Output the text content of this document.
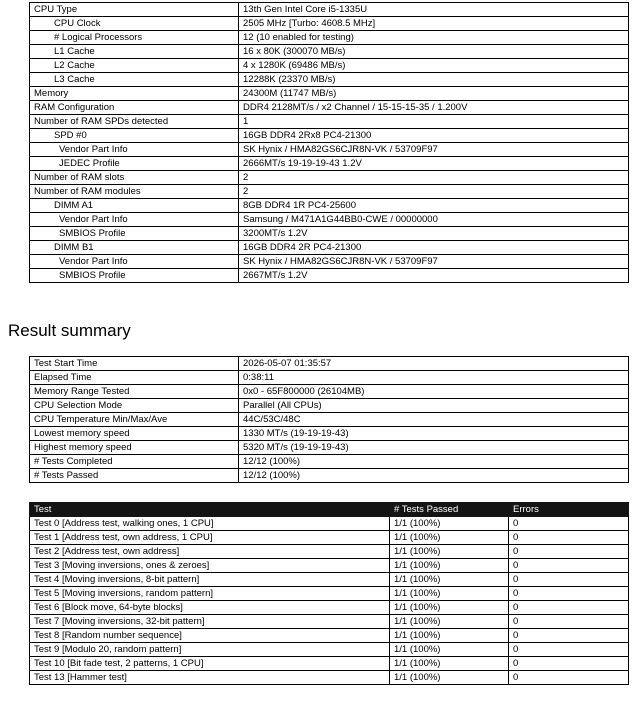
CPU Type	13th Gen Intel Core i5-1335U
CPU Clock	2505 MHz [Turbo: 4608.5 MHz]
# Logical Processors	12 (10 enabled for testing)
L1 Cache	16 x 80K (300070 MB/s)
L2 Cache	4 x 1280K (69486 MB/s)
L3 Cache	12288K (23370 MB/s)
Memory	24300M (11747 MB/s)
RAM Configuration	DDR4 2128MT/s / x2 Channel / 15-15-15-35 / 1.200V
Number of RAM SPDs detected	1
SPD #0	16GB DDR4 2Rx8 PC4-21300
Vendor Part Info	SK Hynix / HMA82GS6CJR8N-VK / 53709F97
JEDEC Profile	2666MT/s 19-19-19-43 1.2V
Number of RAM slots	2
Number of RAM modules	2
DIMM A1	8GB DDR4 1R PC4-25600
Vendor Part Info	Samsung / M471A1G44BB0-CWE / 00000000
SMBIOS Profile	3200MT/s 1.2V
DIMM B1	16GB DDR4 2R PC4-21300
Vendor Part Info	SK Hynix / HMA82GS6CJR8N-VK / 53709F97
SMBIOS Profile	2667MT/s 1.2V
Result summary
Test Start Time	2026-05-07 01:35:57
Elapsed Time	0:38:11
Memory Range Tested	0x0 - 65F800000 (26104MB)
CPU Selection Mode	Parallel (All CPUs)
CPU Temperature Min/Max/Ave	44C/53C/48C
Lowest memory speed	1330 MT/s (19-19-19-43)
Highest memory speed	5320 MT/s (19-19-19-43)
# Tests Completed	12/12 (100%)
# Tests Passed	12/12 (100%)
Test	# Tests Passed	Errors
Test 0 [Address test, walking ones, 1 CPU]	1/1 (100%)	0
Test 1 [Address test, own address, 1 CPU]	1/1 (100%)	0
Test 2 [Address test, own address]	1/1 (100%)	0
Test 3 [Moving inversions, ones & zeroes]	1/1 (100%)	0
Test 4 [Moving inversions, 8-bit pattern]	1/1 (100%)	0
Test 5 [Moving inversions, random pattern]	1/1 (100%)	0
Test 6 [Block move, 64-byte blocks]	1/1 (100%)	0
Test 7 [Moving inversions, 32-bit pattern]	1/1 (100%)	0
Test 8 [Random number sequence]	1/1 (100%)	0
Test 9 [Modulo 20, random pattern]	1/1 (100%)	0
Test 10 [Bit fade test, 2 patterns, 1 CPU]	1/1 (100%)	0
Test 13 [Hammer test]	1/1 (100%)	0
